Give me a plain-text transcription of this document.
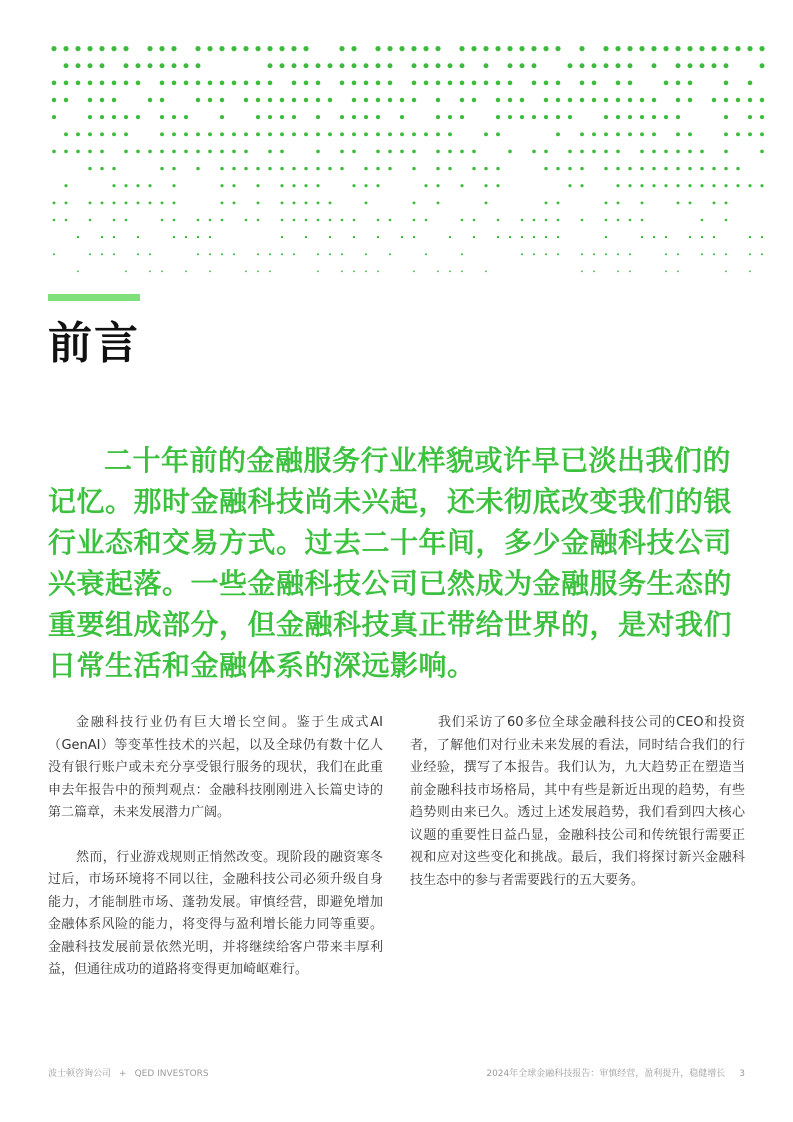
前言

二十年前的金融服务行业样貌或许早已淡出我们的记忆。那时金融科技尚未兴起，还未彻底改变我们的银行业态和交易方式。过去二十年间，多少金融科技公司兴衰起落。一些金融科技公司已然成为金融服务生态的重要组成部分，但金融科技真正带给世界的，是对我们日常生活和金融体系的深远影响。

金融科技行业仍有巨大增长空间。鉴于生成式AI（GenAI）等变革性技术的兴起，以及全球仍有数十亿人没有银行账户或未充分享受银行服务的现状，我们在此重申去年报告中的预判观点：金融科技刚刚进入长篇史诗的第二篇章，未来发展潜力广阔。

然而，行业游戏规则正悄然改变。现阶段的融资寒冬过后，市场环境将不同以往，金融科技公司必须升级自身能力，才能制胜市场、蓬勃发展。审慎经营，即避免增加金融体系风险的能力，将变得与盈利增长能力同等重要。金融科技发展前景依然光明，并将继续给客户带来丰厚利益，但通往成功的道路将变得更加崎岖难行。

我们采访了60多位全球金融科技公司的CEO和投资者，了解他们对行业未来发展的看法，同时结合我们的行业经验，撰写了本报告。我们认为，九大趋势正在塑造当前金融科技市场格局，其中有些是新近出现的趋势，有些趋势则由来已久。透过上述发展趋势，我们看到四大核心议题的重要性日益凸显，金融科技公司和传统银行需要正视和应对这些变化和挑战。最后，我们将探讨新兴金融科技生态中的参与者需要践行的五大要务。

波士顿咨询公司 + QED INVESTORS	2024年全球金融科技报告：审慎经营，盈利提升，稳健增长 3
